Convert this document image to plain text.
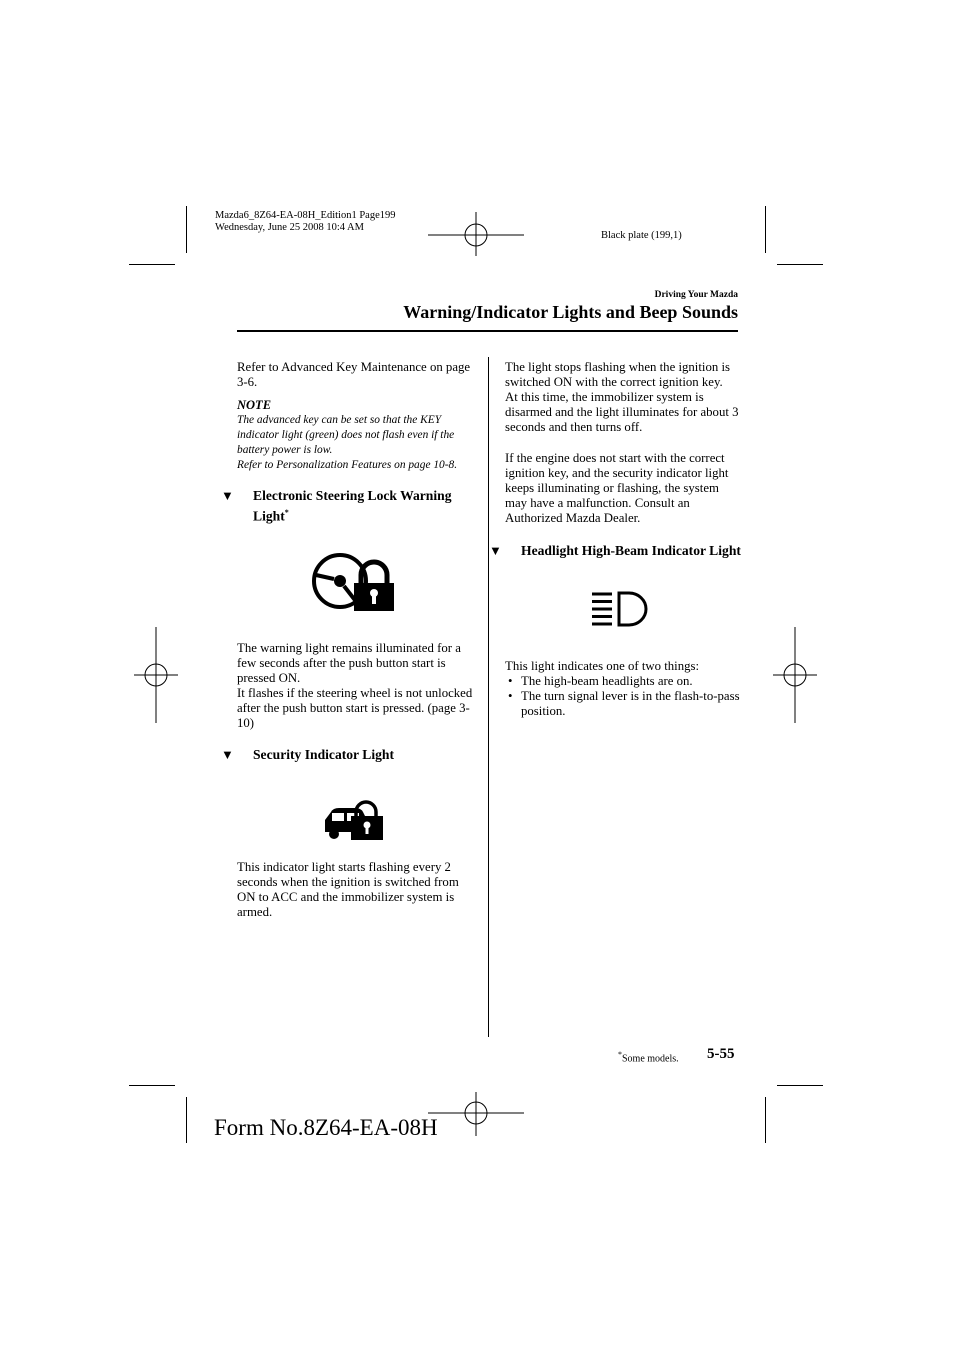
Mazda6_8Z64-EA-08H_Edition1 Page199
Wednesday, June 25 2008 10:4 AM
Black plate (199,1)
Driving Your Mazda
Warning/Indicator Lights and Beep Sounds

Refer to Advanced Key Maintenance on page 3-6.

NOTE

The advanced key can be set so that the KEY indicator light (green) does not flash even if the battery power is low.

Refer to Personalization Features on page 10-8.

▼ Electronic Steering Lock Warning Light*

The warning light remains illuminated for a few seconds after the push button start is pressed ON.

It flashes if the steering wheel is not unlocked after the push button start is pressed. (page 3-10)

▼ Security Indicator Light

This indicator light starts flashing every 2 seconds when the ignition is switched from ON to ACC and the immobilizer system is armed.

The light stops flashing when the ignition is switched ON with the correct ignition key.

At this time, the immobilizer system is disarmed and the light illuminates for about 3 seconds and then turns off.

If the engine does not start with the correct ignition key, and the security indicator light keeps illuminating or flashing, the system may have a malfunction. Consult an Authorized Mazda Dealer.

▼ Headlight High-Beam Indicator Light

This light indicates one of two things:

• The high-beam headlights are on.
• The turn signal lever is in the flash-to-pass position.
*Some models. 5-55
Form No.8Z64-EA-08H
